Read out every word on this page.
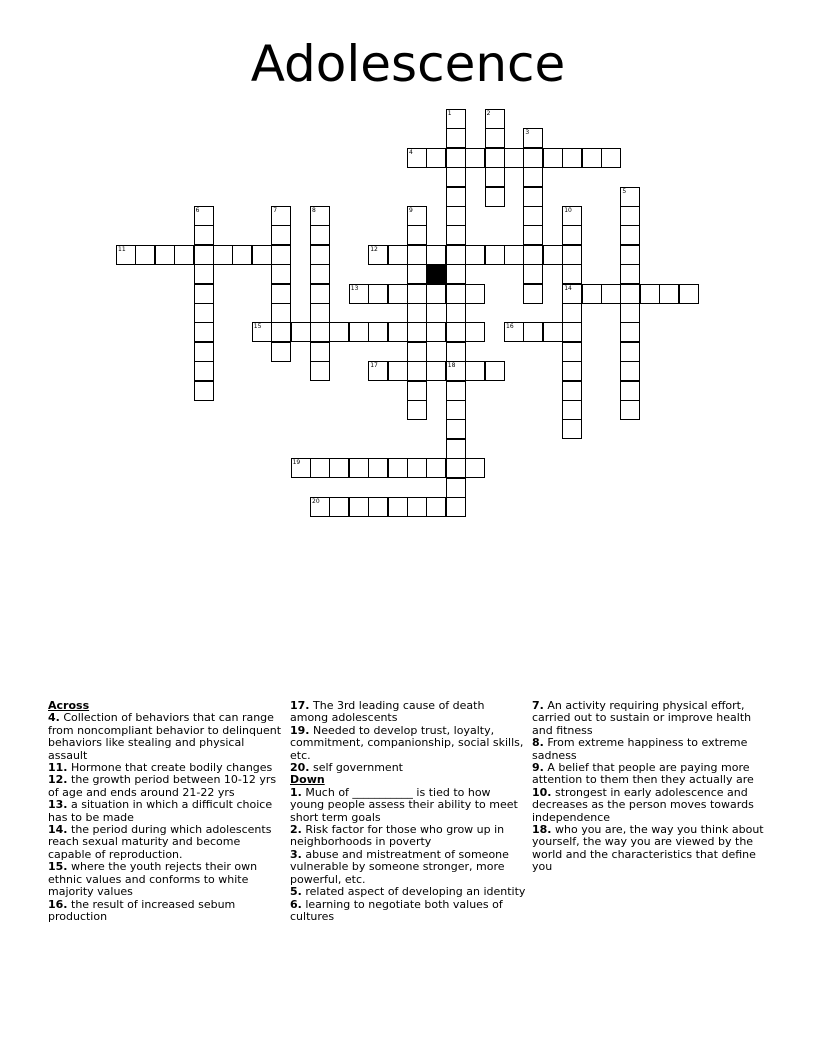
Adolescence
1
18
2
3
4
5
6	7	8	9	10
14
11	12
13
15	16
17
19
20

Across

4. Collection of behaviors that can range from noncompliant behavior to delinquent behaviors like stealing and physical assault

11. Hormone that create bodily changes

12. the growth period between 10-12 yrs of age and ends around 21-22 yrs

13. a situation in which a difficult choice has to be made

14. the period during which adolescents reach sexual maturity and become capable of reproduction.

15. where the youth rejects their own ethnic values and conforms to white majority values

16. the result of increased sebum production

17. The 3rd leading cause of death among adolescents

19. Needed to develop trust, loyalty, commitment, companionship, social skills, etc.

20. self government

Down

1. Much of ___________ is tied to how young people assess their ability to meet short term goals

2. Risk factor for those who grow up in neighborhoods in poverty

3. abuse and mistreatment of someone vulnerable by someone stronger, more powerful, etc.

5. related aspect of developing an identity

6. learning to negotiate both values of cultures

7. An activity requiring physical effort, carried out to sustain or improve health and fitness

8. From extreme happiness to extreme sadness

9. A belief that people are paying more attention to them then they actually are

10. strongest in early adolescence and decreases as the person moves towards independence

18. who you are, the way you think about yourself, the way you are viewed by the world and the characteristics that define you
